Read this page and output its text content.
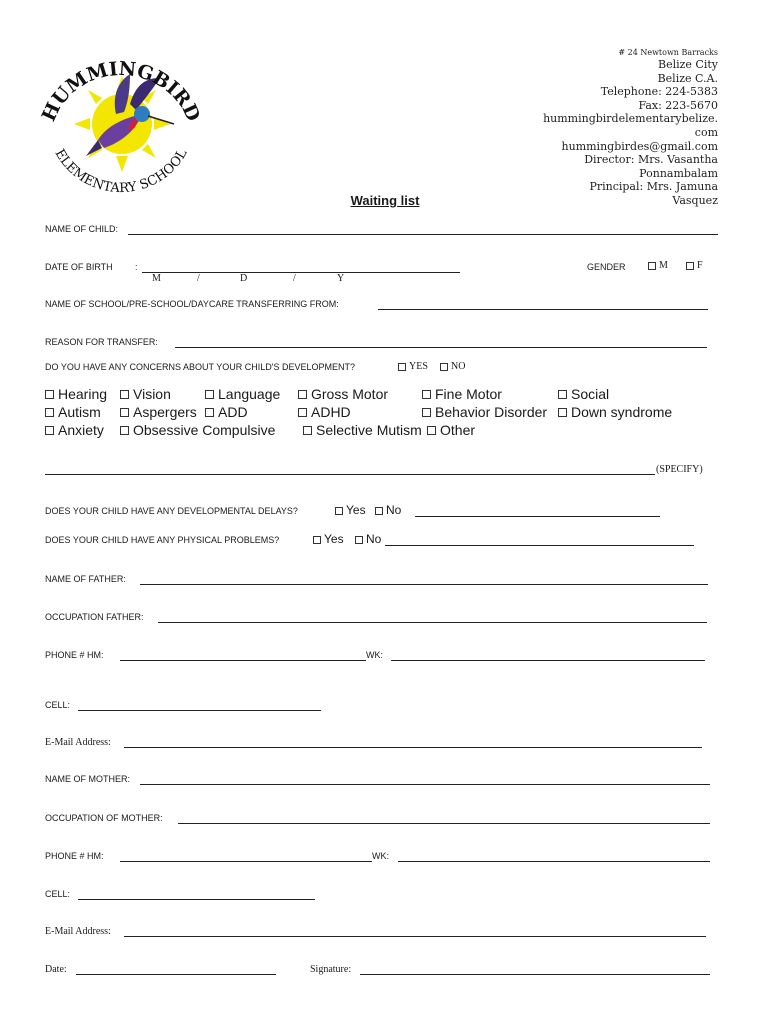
HUMMINGBIRD
ELEMENTARY SCHOOL
# 24 Newtown Barracks
Belize City
Belize C.A.
Telephone: 224-5383
Fax: 223-5670
hummingbirdelementarybelize.
com
hummingbirdes@gmail.com
Director: Mrs. Vasantha
Ponnambalam
Principal: Mrs. Jamuna
Vasquez
Waiting list
NAME OF CHILD:
DATE OF BIRTH :
M	/	D	/	Y
GENDER	M	F
NAME OF SCHOOL/PRE-SCHOOL/DAYCARE TRANSFERRING FROM:
REASON FOR TRANSFER:
DO YOU HAVE ANY CONCERNS ABOUT YOUR CHILD'S DEVELOPMENT?	YES	NO
Hearing	Vision	Language	Gross Motor	Fine Motor	Social
Autism	Aspergers	ADD	ADHD	Behavior Disorder	Down syndrome
Anxiety	Obsessive Compulsive	Selective Mutism	Other
(SPECIFY)
DOES YOUR CHILD HAVE ANY DEVELOPMENTAL DELAYS?	Yes	No
DOES YOUR CHILD HAVE ANY PHYSICAL PROBLEMS?	Yes	No
NAME OF FATHER:
OCCUPATION FATHER:
PHONE # HM:	WK:
CELL:
E-Mail Address:
NAME OF MOTHER:
OCCUPATION OF MOTHER:
PHONE # HM:	WK:
CELL:
E-Mail Address:
Date:	Signature:
